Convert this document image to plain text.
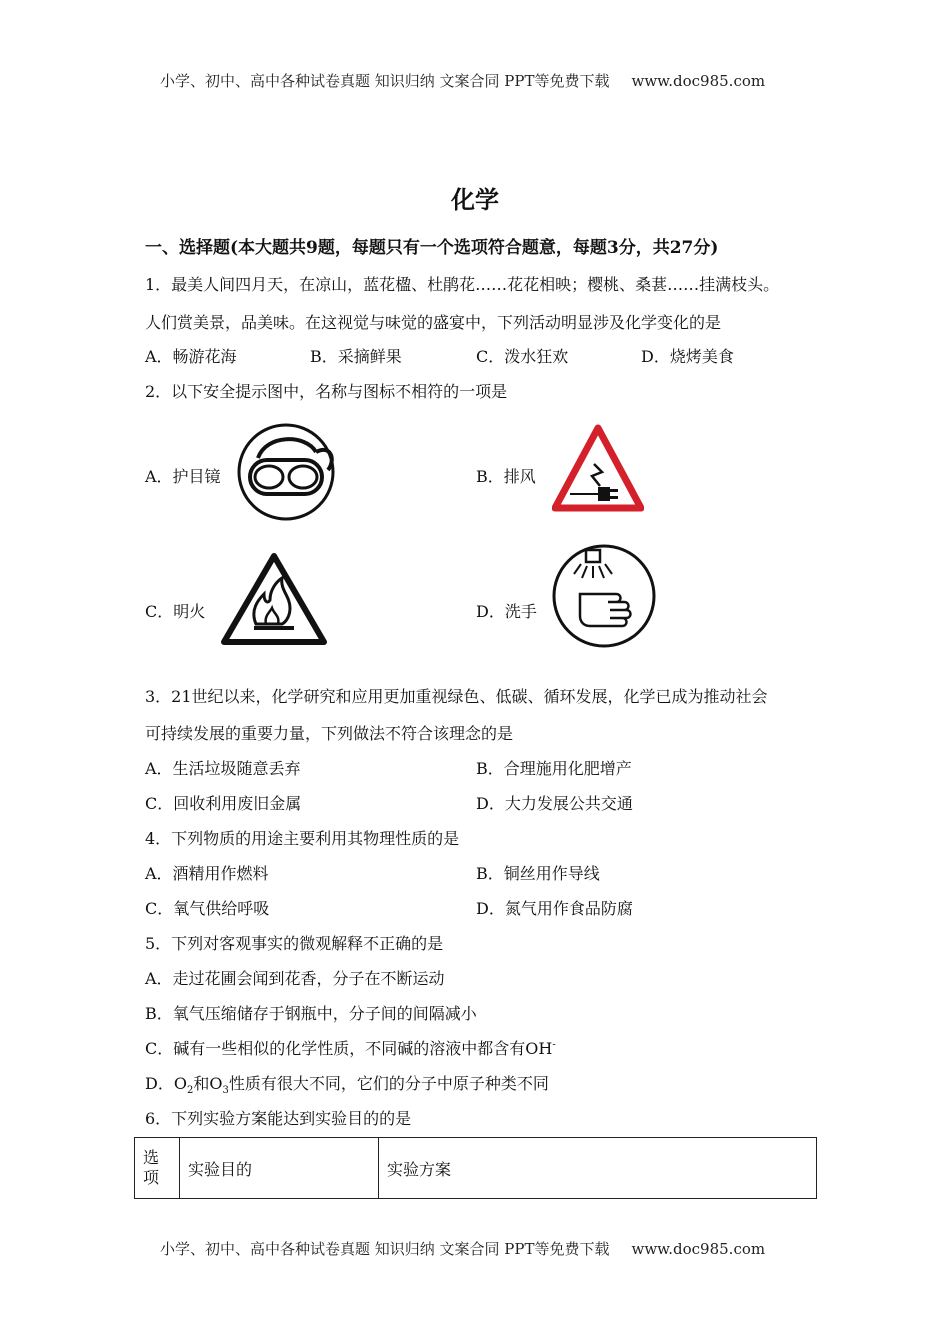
小学、初中、高中各种试卷真题 知识归纳 文案合同 PPT等免费下载 www.doc985.com
化学
一、选择题(本大题共9题，每题只有一个选项符合题意，每题3分，共27分)
1．最美人间四月天，在凉山，蓝花楹、杜鹃花……花花相映；樱桃、桑葚……挂满枝头。
人们赏美景，品美味。在这视觉与味觉的盛宴中，下列活动明显涉及化学变化的是
A．畅游花海	B．采摘鲜果	C．泼水狂欢	D．烧烤美食
2．以下安全提示图中，名称与图标不相符的一项是
A．护目镜	B．排风
C．明火	D．洗手
3．21世纪以来，化学研究和应用更加重视绿色、低碳、循环发展，化学已成为推动社会
可持续发展的重要力量，下列做法不符合该理念的是
A．生活垃圾随意丢弃	B．合理施用化肥增产
C．回收利用废旧金属	D．大力发展公共交通
4．下列物质的用途主要利用其物理性质的是
A．酒精用作燃料	B．铜丝用作导线
C．氧气供给呼吸	D．氮气用作食品防腐
5．下列对客观事实的微观解释不正确的是
A．走过花圃会闻到花香，分子在不断运动
B．氧气压缩储存于钢瓶中，分子间的间隔减小
C．碱有一些相似的化学性质，不同碱的溶液中都含有OH-
D．$O_2$和$O_3$性质有很大不同，它们的分子中原子种类不同
6．下列实验方案能达到实验目的的是
选项	实验目的	实验方案
小学、初中、高中各种试卷真题 知识归纳 文案合同 PPT等免费下载 www.doc985.com
